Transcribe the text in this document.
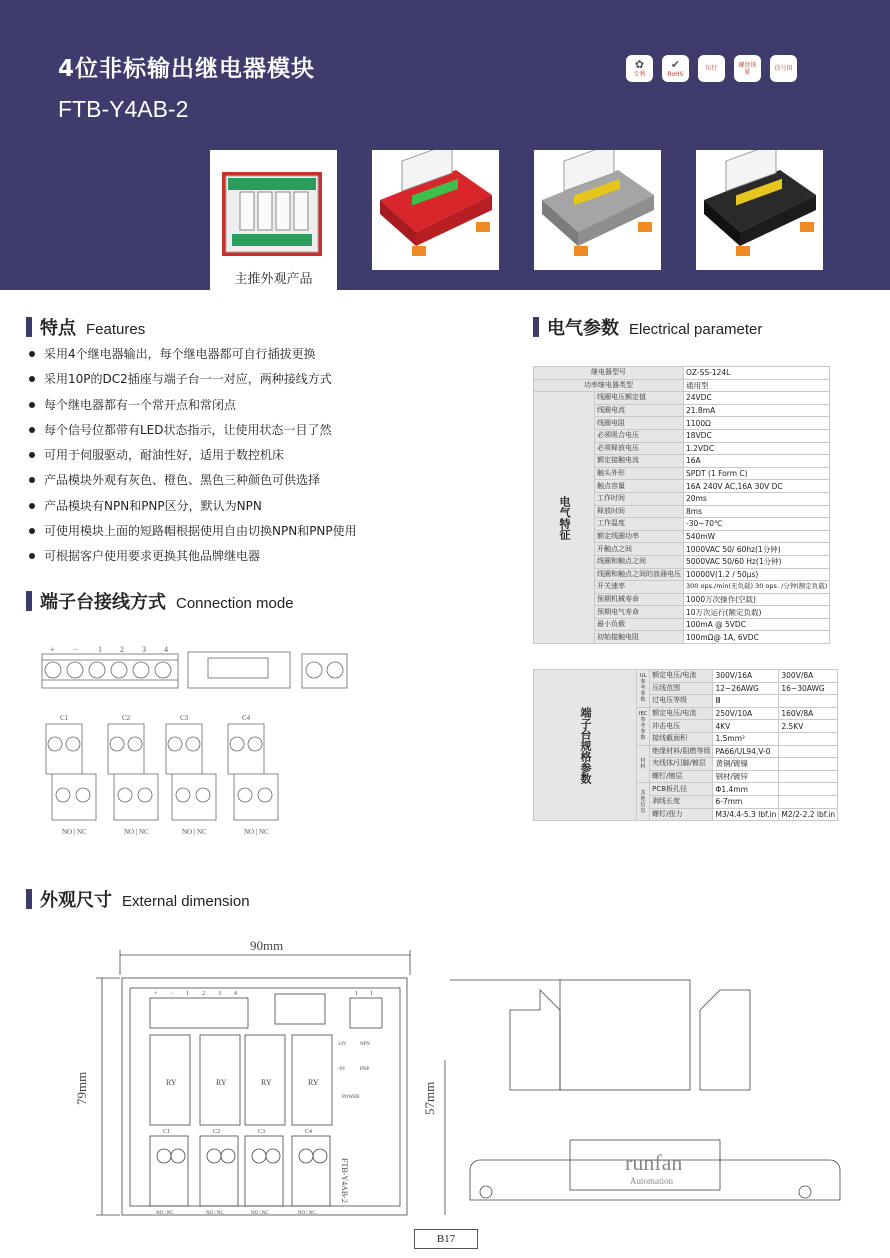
4位非标输出继电器模块
FTB-Y4AB-2
✿
专利
✔
RoHS
压针	螺丝锁紧	信号用
主推外观产品
特点 Features
采用4个继电器输出，每个继电器都可自行插拔更换
采用10P的DC2插座与端子台一一对应，两种接线方式
每个继电器都有一个常开点和常闭点
每个信号位都带有LED状态指示，让使用状态一目了然
可用于伺服驱动，耐油性好，适用于数控机床
产品模块外观有灰色、橙色、黑色三种颜色可供选择
产品模块有NPN和PNP区分，默认为NPN
可使用模块上面的短路帽根据使用自由切换NPN和PNP使用
可根据客户使用要求更换其他品牌继电器
电气参数 Electrical parameter
继电器型号		OZ-SS-124L
功率继电器类型		通用型
电气特征	线圈电压额定值	24VDC
	线圈电流	21.8mA
	线圈电阻	1100Ω
	必须吸合电压	18VDC
	必须释放电压	1.2VDC
	额定接触电流	16A
	触头外形	SPDT (1 Form C)
	触点容量	16A 240V AC,16A 30V DC
	工作时间	20ms
	释放时间	8ms
	工作温度	-30~70℃
	额定线圈功率	540mW
	开触点之间	1000VAC 50/ 60hz(1分钟)
	线圈和触点之间	5000VAC 50/60 Hz(1分钟)
	线圈和触点之间的浪涌电压	10000V(1.2 / 50μs)
	开关速率	300 ops./min(无负载) 30 ops. /分钟(额定负载)
	预期机械寿命	1000万次操作(空载)
	预期电气寿命	10万次运行(额定负载)
	最小负载	100mA @ 5VDC
	初始接触电阻	100mΩ@ 1A, 6VDC
端子台规格参数	UL参考参数	额定电压/电流	300V/16A	300V/8A
		压线范围	12~26AWG	16~30AWG
		过电压等级	Ⅲ	
	IEC参考参数	额定电压/电流	250V/10A	160V/8A
		冲击电压	4KV	2.5KV
		接线截面积	1.5mm²	
	材料	绝缘材料/阻燃等级	PA66/UL94,V-0	
		夹线体/引脚/镀层	黄铜/镀镍	
		螺钉/镀层	钢材/镀锌	
	其他信息	PCB板孔径	Φ1.4mm	
		剥线长度	6-7mm	
		螺钉/扭力	M3/4.4-5.3 lbf.in	M2/2-2.2 lbf.in
端子台接线方式 Connection mode
+ −	1 2 3 4
C1	C2	C3	C4
NO | NC	NO | NC	NO | NC	NO | NC
外观尺寸 External dimension
90mm
79mm	57mm
RY	RY	RY	RY
FTB-Y4AB-2
POWER
+ − 1 2 3 4	1 1
24V
-0V
NPN
PNP
C1	C2	C3	C4
NO | NC	NO | NC	NO | NC	NO | NC
runfan
Automation
B17
